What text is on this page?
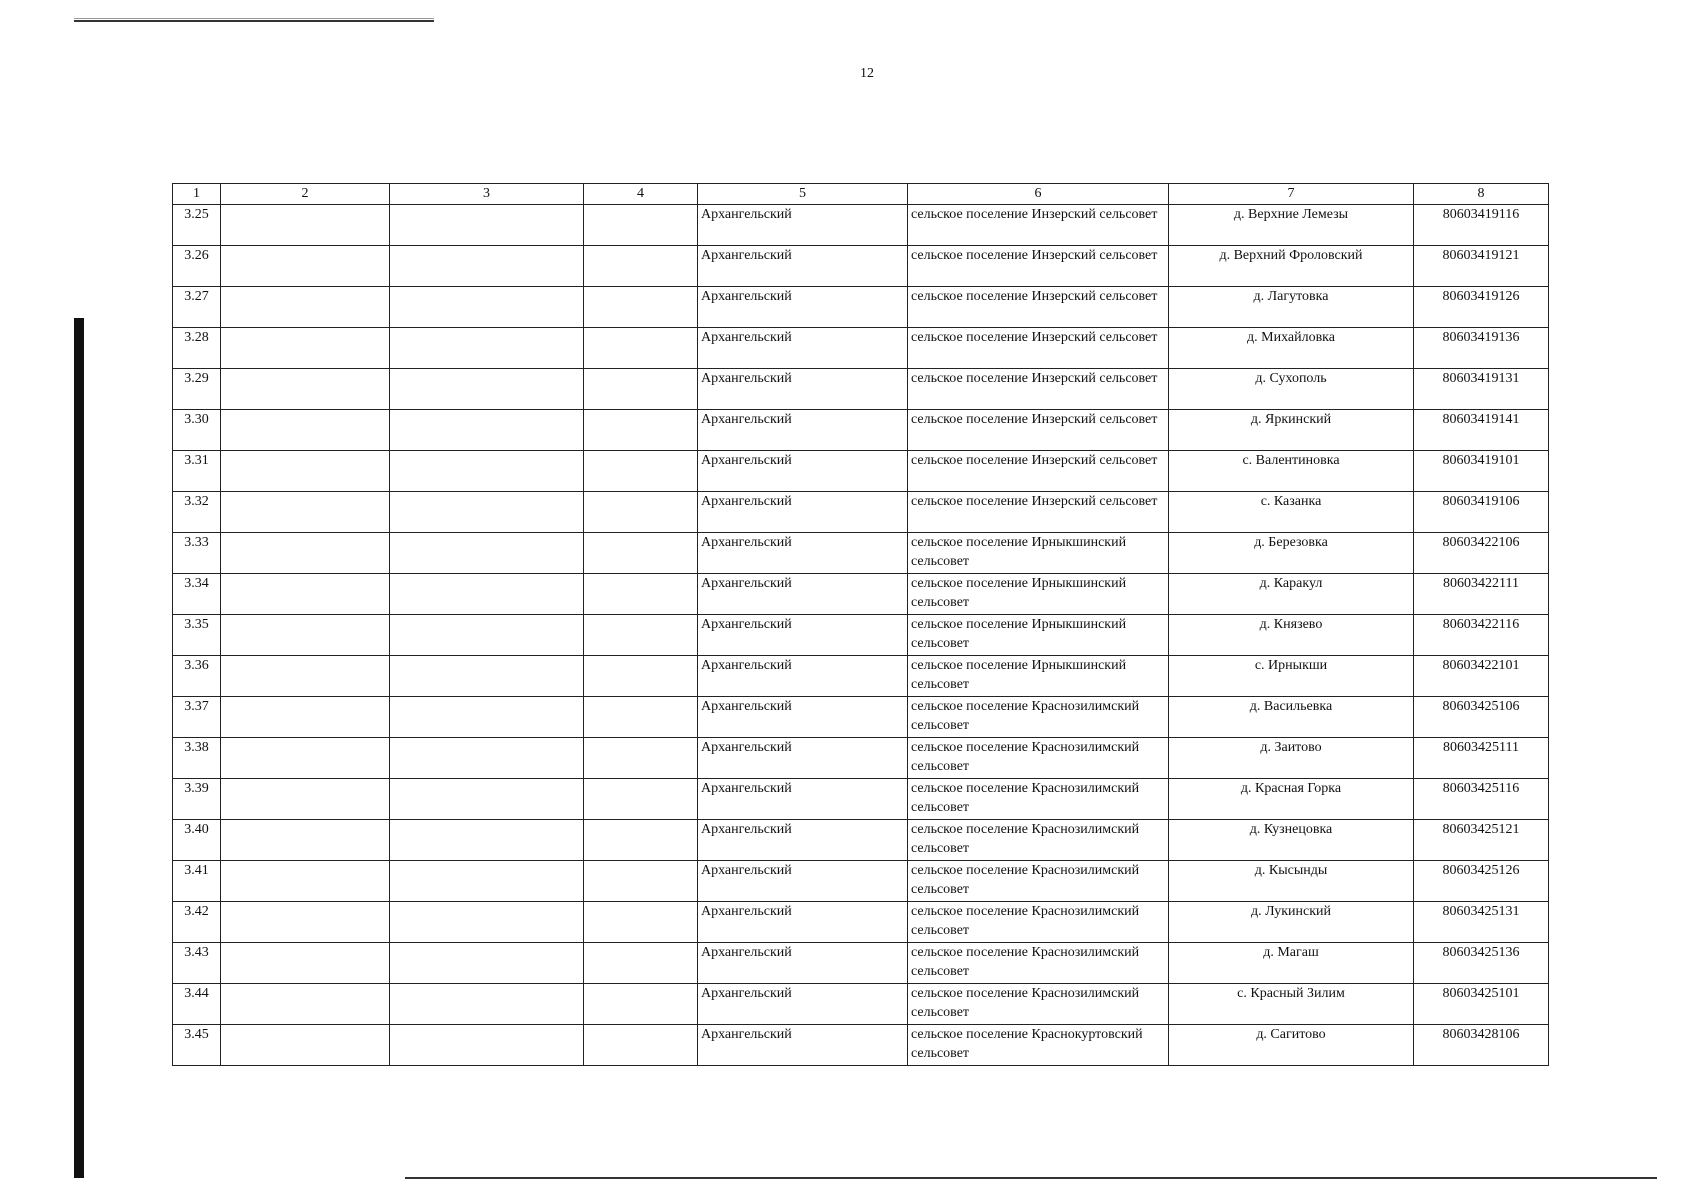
12
1	2	3	4	5	6	7	8
3.25				Архангельский	сельское поселение Инзерский сельсовет	д. Верхние Лемезы	80603419116
3.26				Архангельский	сельское поселение Инзерский сельсовет	д. Верхний Фроловский	80603419121
3.27				Архангельский	сельское поселение Инзерский сельсовет	д. Лагутовка	80603419126
3.28				Архангельский	сельское поселение Инзерский сельсовет	д. Михайловка	80603419136
3.29				Архангельский	сельское поселение Инзерский сельсовет	д. Сухополь	80603419131
3.30				Архангельский	сельское поселение Инзерский сельсовет	д. Яркинский	80603419141
3.31				Архангельский	сельское поселение Инзерский сельсовет	с. Валентиновка	80603419101
3.32				Архангельский	сельское поселение Инзерский сельсовет	с. Казанка	80603419106
3.33				Архангельский	сельское поселение Ирныкшинский сельсовет	д. Березовка	80603422106
3.34				Архангельский	сельское поселение Ирныкшинский сельсовет	д. Каракул	80603422111
3.35				Архангельский	сельское поселение Ирныкшинский сельсовет	д. Князево	80603422116
3.36				Архангельский	сельское поселение Ирныкшинский сельсовет	с. Ирныкши	80603422101
3.37				Архангельский	сельское поселение Краснозилимский сельсовет	д. Васильевка	80603425106
3.38				Архангельский	сельское поселение Краснозилимский сельсовет	д. Заитово	80603425111
3.39				Архангельский	сельское поселение Краснозилимский сельсовет	д. Красная Горка	80603425116
3.40				Архангельский	сельское поселение Краснозилимский сельсовет	д. Кузнецовка	80603425121
3.41				Архангельский	сельское поселение Краснозилимский сельсовет	д. Кысынды	80603425126
3.42				Архангельский	сельское поселение Краснозилимский сельсовет	д. Лукинский	80603425131
3.43				Архангельский	сельское поселение Краснозилимский сельсовет	д. Магаш	80603425136
3.44				Архангельский	сельское поселение Краснозилимский сельсовет	с. Красный Зилим	80603425101
3.45				Архангельский	сельское поселение Краснокуртовский сельсовет	д. Сагитово	80603428106
